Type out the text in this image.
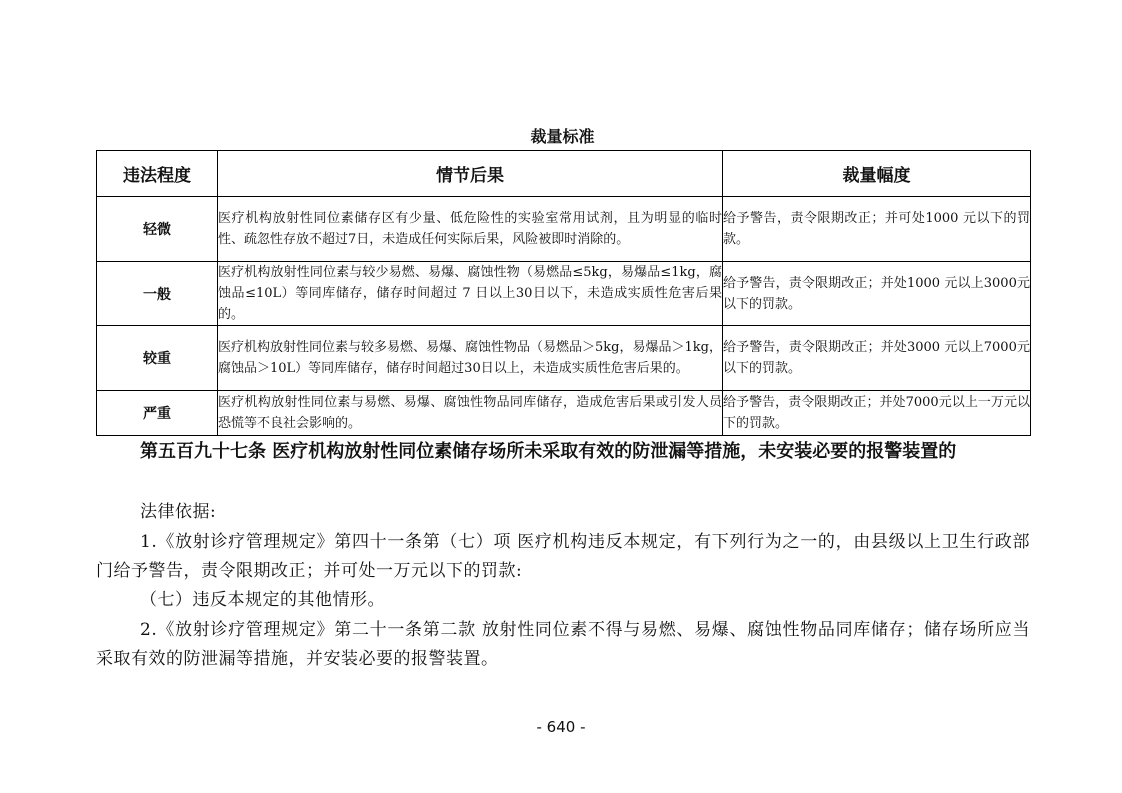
裁量标准
违法程度	情节后果	裁量幅度
轻微	医疗机构放射性同位素储存区有少量、低危险性的实验室常用试剂，且为明显的临时性、疏忽性存放不超过7日，未造成任何实际后果，风险被即时消除的。	给予警告，责令限期改正；并可处1000 元以下的罚款。
一般	医疗机构放射性同位素与较少易燃、易爆、腐蚀性物（易燃品≤5kg，易爆品≤1kg，腐蚀品≤10L）等同库储存，储存时间超过 7 日以上30日以下，未造成实质性危害后果的。	给予警告，责令限期改正；并处1000 元以上3000元以下的罚款。
较重	医疗机构放射性同位素与较多易燃、易爆、腐蚀性物品（易燃品＞5kg，易爆品＞1kg，腐蚀品＞10L）等同库储存，储存时间超过30日以上，未造成实质性危害后果的。	给予警告，责令限期改正；并处3000 元以上7000元以下的罚款。
严重	医疗机构放射性同位素与易燃、易爆、腐蚀性物品同库储存，造成危害后果或引发人员恐慌等不良社会影响的。	给予警告，责令限期改正；并处7000元以上一万元以下的罚款。
第五百九十七条 医疗机构放射性同位素储存场所未采取有效的防泄漏等措施，未安装必要的报警装置的
法律依据:
1.《放射诊疗管理规定》第四十一条第（七）项 医疗机构违反本规定，有下列行为之一的，由县级以上卫生行政部门给予警告，责令限期改正；并可处一万元以下的罚款:
（七）违反本规定的其他情形。
2.《放射诊疗管理规定》第二十一条第二款 放射性同位素不得与易燃、易爆、腐蚀性物品同库储存；储存场所应当采取有效的防泄漏等措施，并安装必要的报警装置。
- 640 -
